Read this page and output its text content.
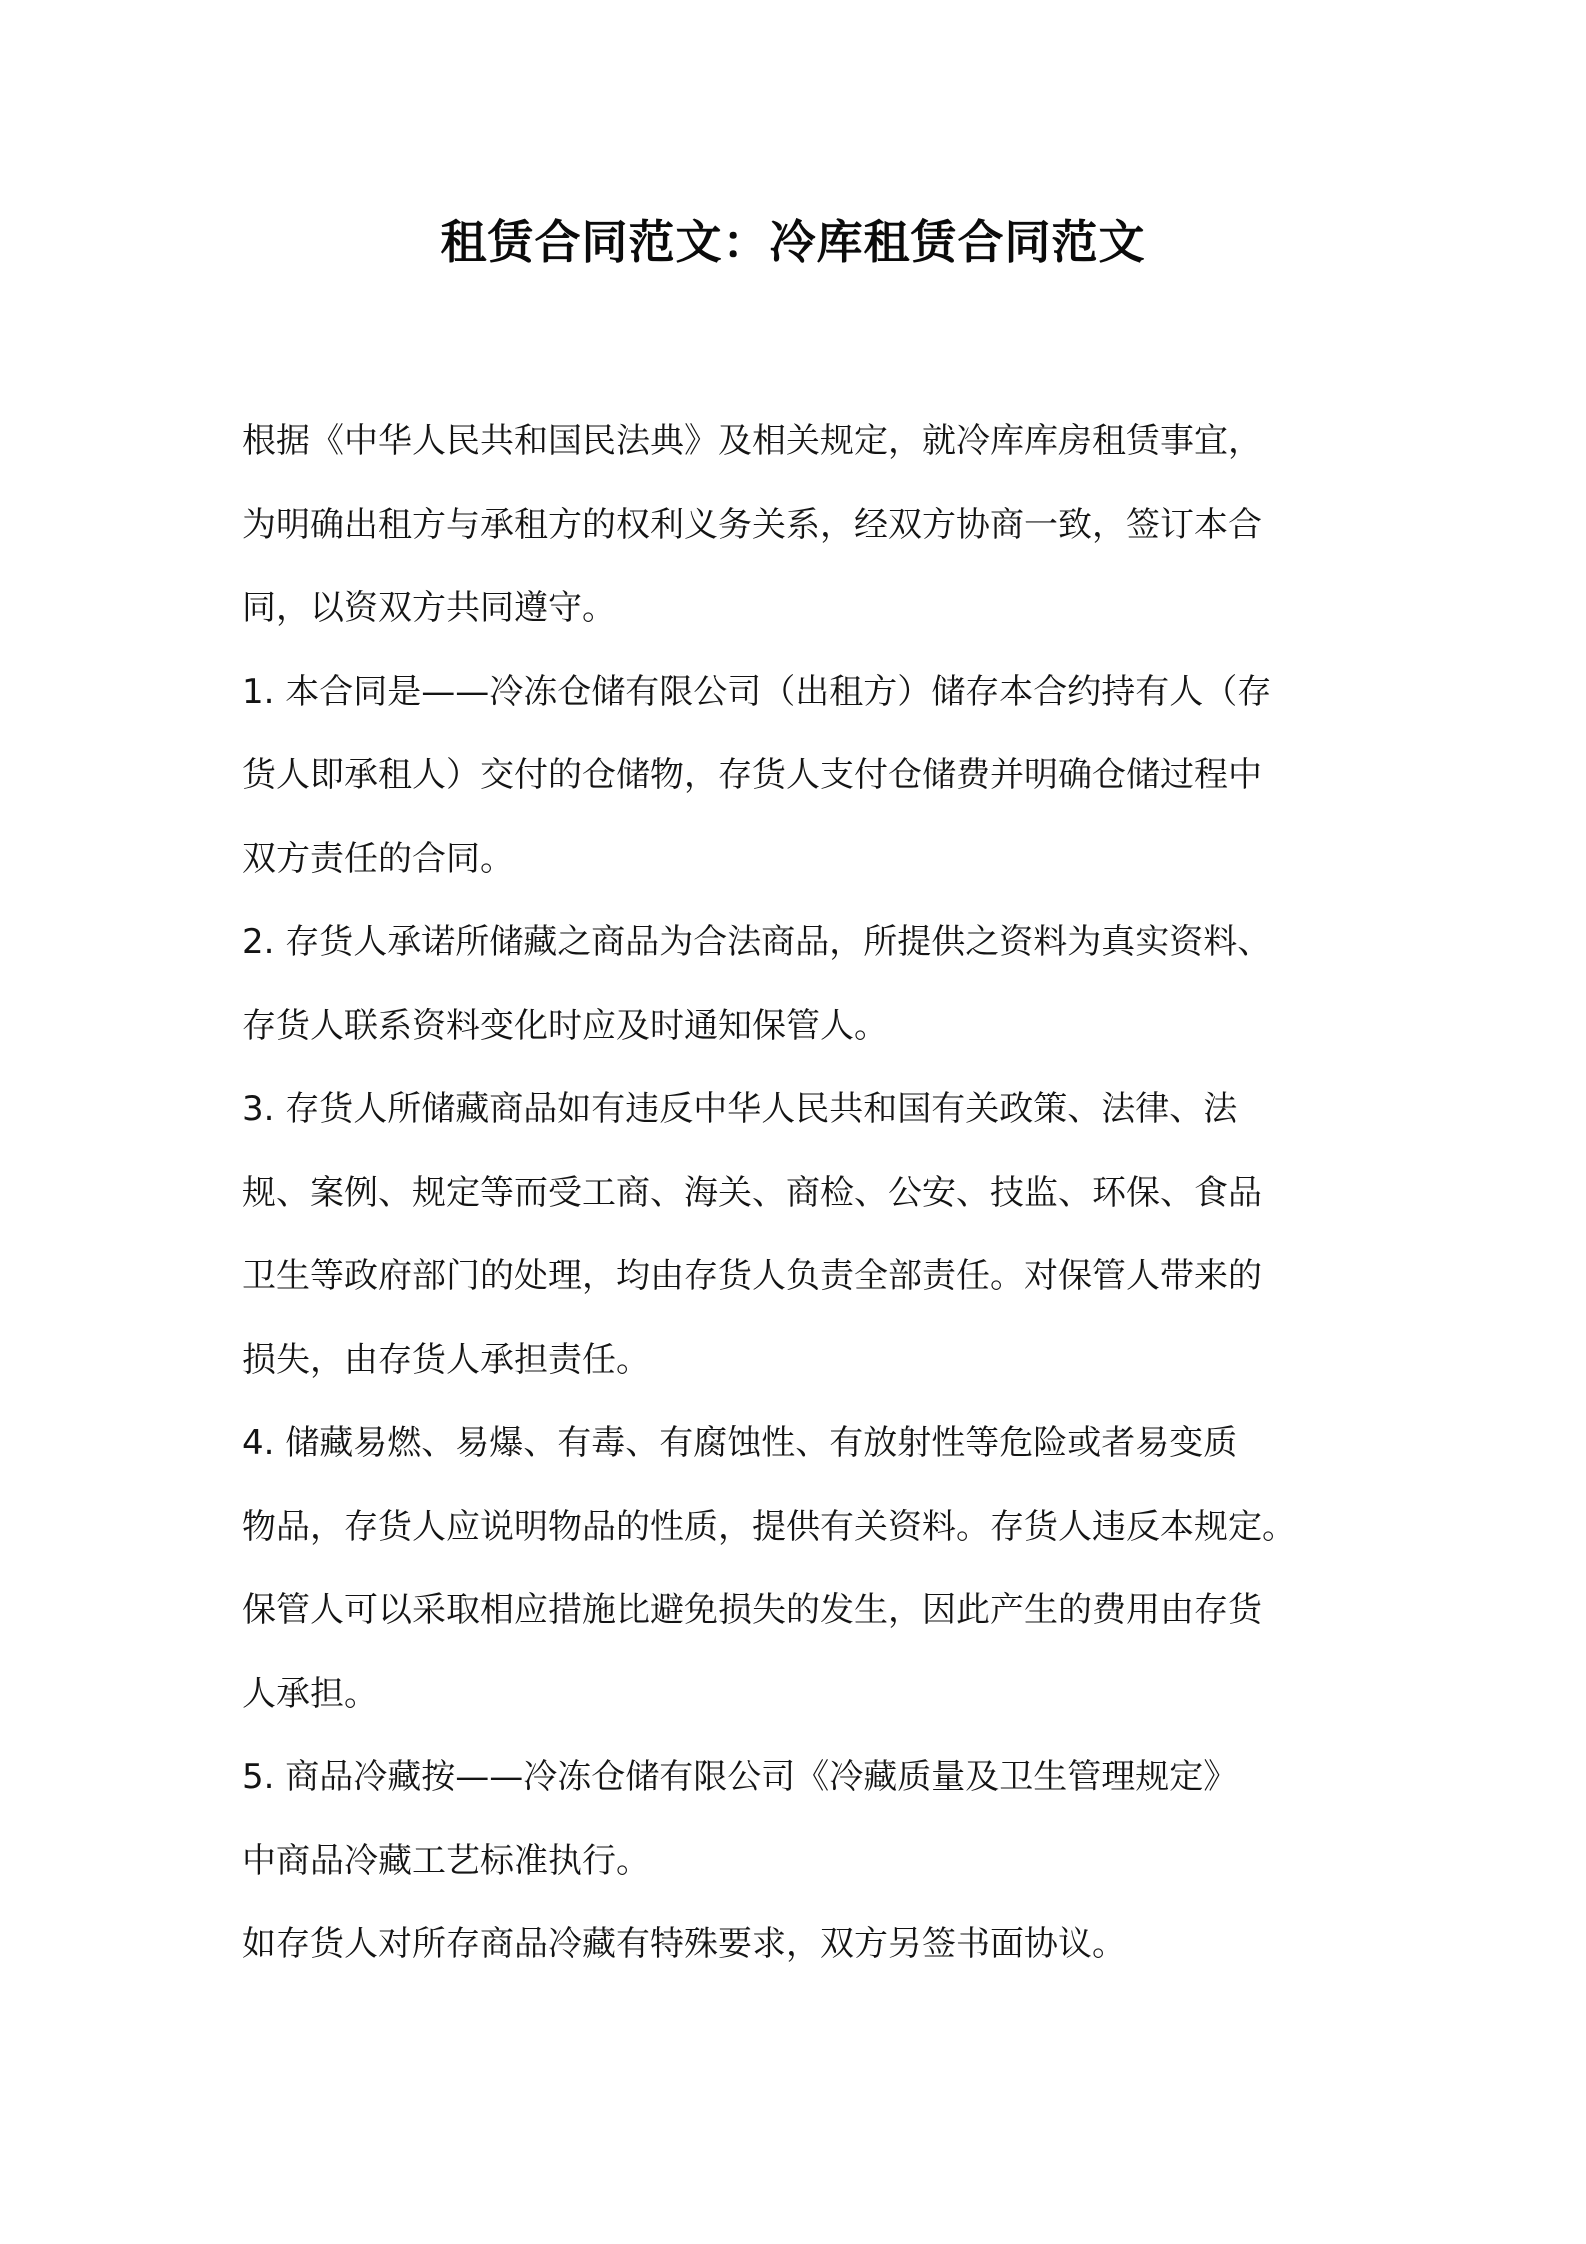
租赁合同范文：冷库租赁合同范文
根据《中华人民共和国民法典》及相关规定，就冷库库房租赁事宜，
为明确出租方与承租方的权利义务关系，经双方协商一致，签订本合
同，以资双方共同遵守。
1. 本合同是——冷冻仓储有限公司（出租方）储存本合约持有人（存
货人即承租人）交付的仓储物，存货人支付仓储费并明确仓储过程中
双方责任的合同。
2. 存货人承诺所储藏之商品为合法商品，所提供之资料为真实资料、
存货人联系资料变化时应及时通知保管人。
3. 存货人所储藏商品如有违反中华人民共和国有关政策、法律、法
规、案例、规定等而受工商、海关、商检、公安、技监、环保、食品
卫生等政府部门的处理，均由存货人负责全部责任。对保管人带来的
损失，由存货人承担责任。
4. 储藏易燃、易爆、有毒、有腐蚀性、有放射性等危险或者易变质
物品，存货人应说明物品的性质，提供有关资料。存货人违反本规定。
保管人可以采取相应措施比避免损失的发生，因此产生的费用由存货
人承担。
5. 商品冷藏按——冷冻仓储有限公司《冷藏质量及卫生管理规定》
中商品冷藏工艺标准执行。
如存货人对所存商品冷藏有特殊要求，双方另签书面协议。
